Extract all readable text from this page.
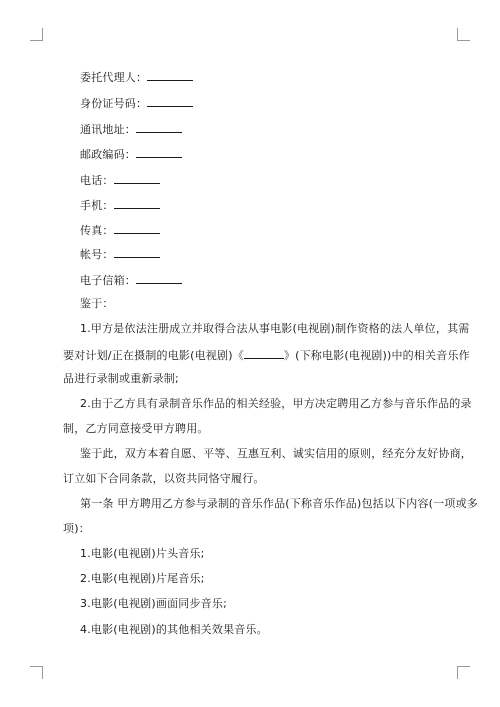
委托代理人：
身份证号码：
通讯地址：
邮政编码：
电话：
手机：
传真：
帐号：
电子信箱：
鉴于：
1.甲方是依法注册成立并取得合法从事电影(电视剧)制作资格的法人单位，其需
要对计划/正在摄制的电影(电视剧)《	》(下称电影(电视剧))中的相关音乐作
品进行录制或重新录制;
2.由于乙方具有录制音乐作品的相关经验，甲方决定聘用乙方参与音乐作品的录
制，乙方同意接受甲方聘用。
鉴于此，双方本着自愿、平等、互惠互利、诚实信用的原则，经充分友好协商，
订立如下合同条款，以资共同恪守履行。
第一条 甲方聘用乙方参与录制的音乐作品(下称音乐作品)包括以下内容(一项或多
项)：
1.电影(电视剧)片头音乐;
2.电影(电视剧)片尾音乐;
3.电影(电视剧)画面同步音乐;
4.电影(电视剧)的其他相关效果音乐。
